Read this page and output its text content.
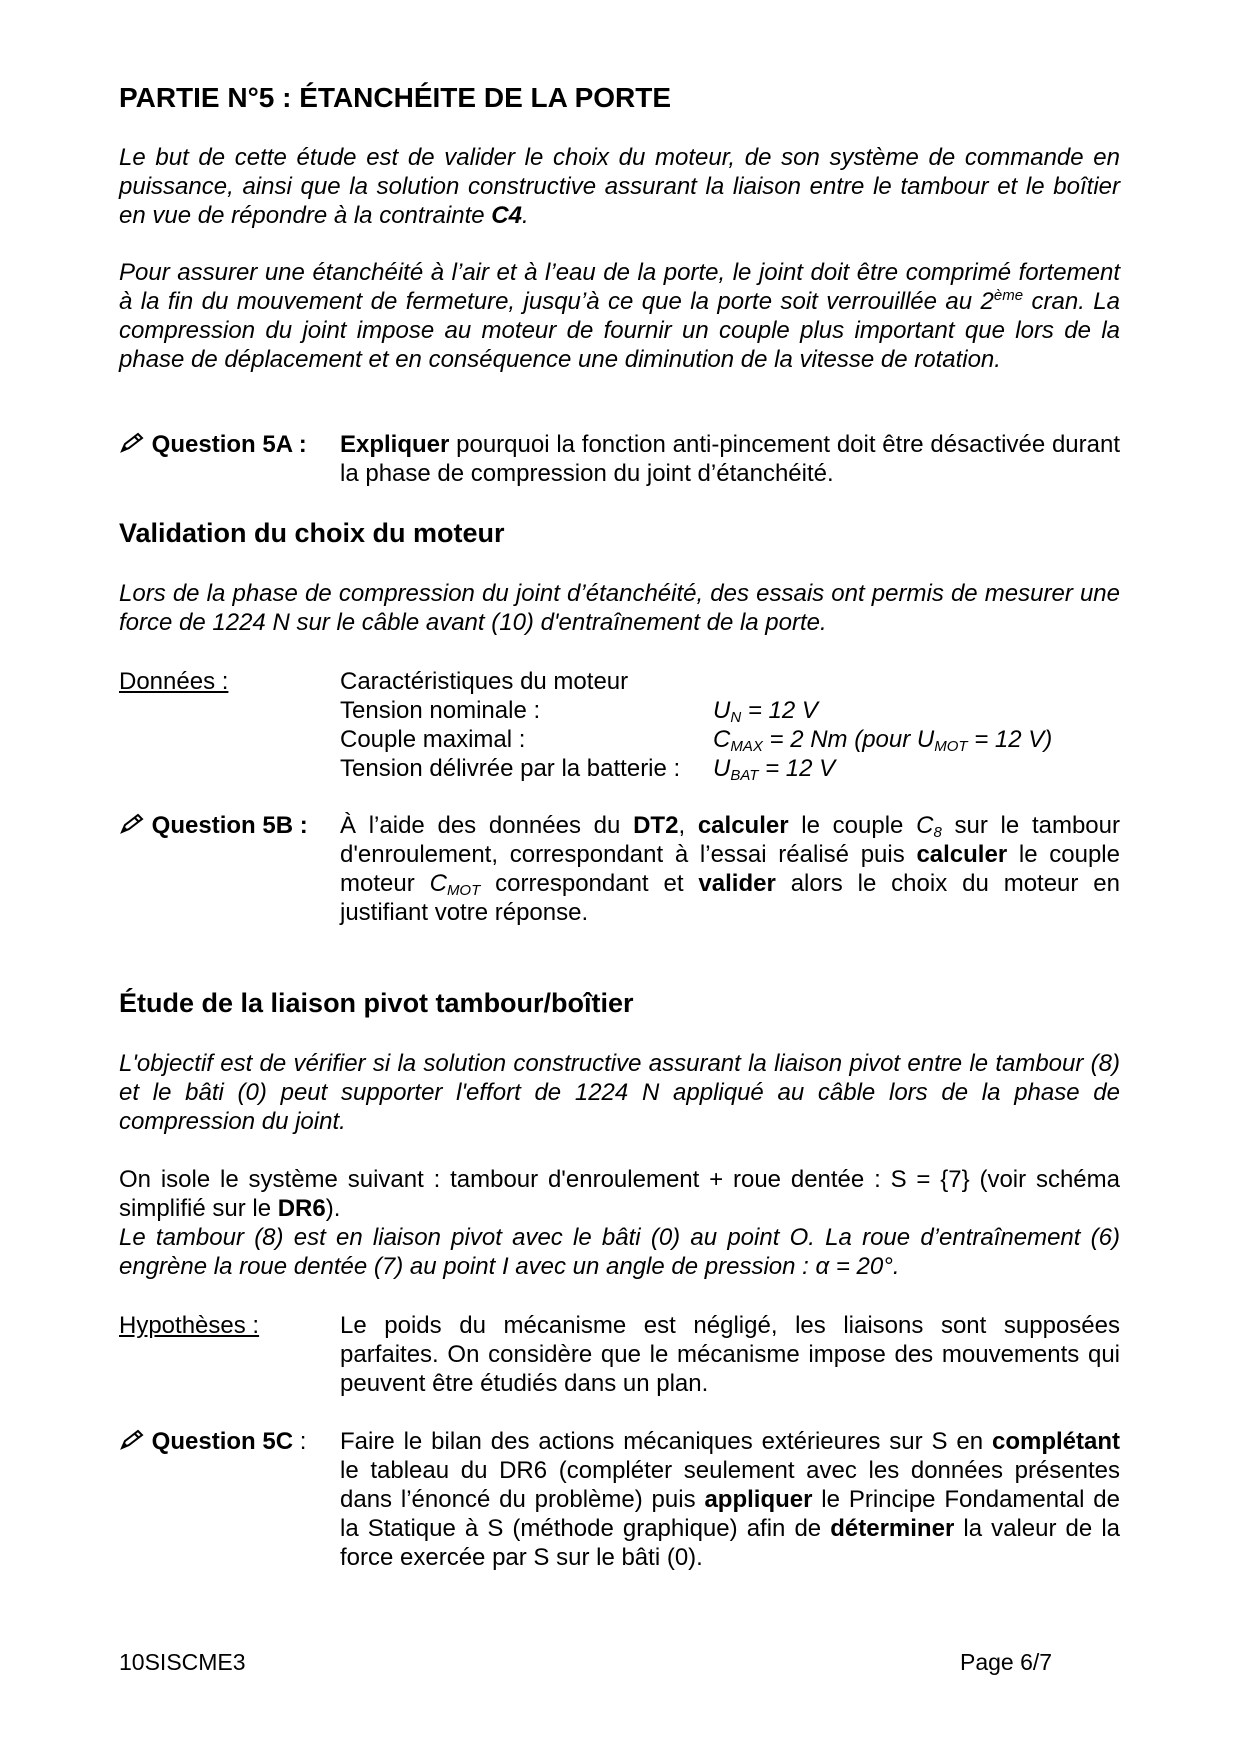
PARTIE N°5 : ÉTANCHÉITE DE LA PORTE

Le but de cette étude est de valider le choix du moteur, de son système de commande en puissance, ainsi que la solution constructive assurant la liaison entre le tambour et le boîtier en vue de répondre à la contrainte C4.

Pour assurer une étanchéité à l’air et à l’eau de la porte, le joint doit être comprimé fortement à la fin du mouvement de fermeture, jusqu’à ce que la porte soit verrouillée au 2ème cran. La compression du joint impose au moteur de fournir un couple plus important que lors de la phase de déplacement et en conséquence une diminution de la vitesse de rotation.

Question 5A : Expliquer pourquoi la fonction anti-pincement doit être désactivée durant la phase de compression du joint d’étanchéité.

Validation du choix du moteur

Lors de la phase de compression du joint d’étanchéité, des essais ont permis de mesurer une force de 1224 N sur le câble avant (10) d'entraînement de la porte.

Données :	Caractéristiques du moteur
Tension nominale :	$U_N = 12$ V
Couple maximal :	$C_{MAX} = 2$ Nm (pour $U_{MOT} = 12$ V)
Tension délivrée par la batterie : $U_{BAT} = 12$ V
Question 5B : À l’aide des données du DT2, calculer le couple $C_8$ sur le tambour d'enroulement, correspondant à l’essai réalisé puis calculer le couple moteur $C_{MOT}$ correspondant et valider alors le choix du moteur en justifiant votre réponse.

Étude de la liaison pivot tambour/boîtier

L'objectif est de vérifier si la solution constructive assurant la liaison pivot entre le tambour (8) et le bâti (0) peut supporter l'effort de 1224 N appliqué au câble lors de la phase de compression du joint.

On isole le système suivant : tambour d'enroulement + roue dentée : S = {7} (voir schéma simplifié sur le DR6).

Le tambour (8) est en liaison pivot avec le bâti (0) au point O. La roue d’entraînement (6) engrène la roue dentée (7) au point I avec un angle de pression : α = 20°.

Hypothèses :	Le poids du mécanisme est négligé, les liaisons sont supposées parfaites. On considère que le mécanisme impose des mouvements qui peuvent être étudiés dans un plan.

Question 5C : Faire le bilan des actions mécaniques extérieures sur S en complétant le tableau du DR6 (compléter seulement avec les données présentes dans l’énoncé du problème) puis appliquer le Principe Fondamental de la Statique à S (méthode graphique) afin de déterminer la valeur de la force exercée par S sur le bâti (0).

10SISCME3	Page 6/7
